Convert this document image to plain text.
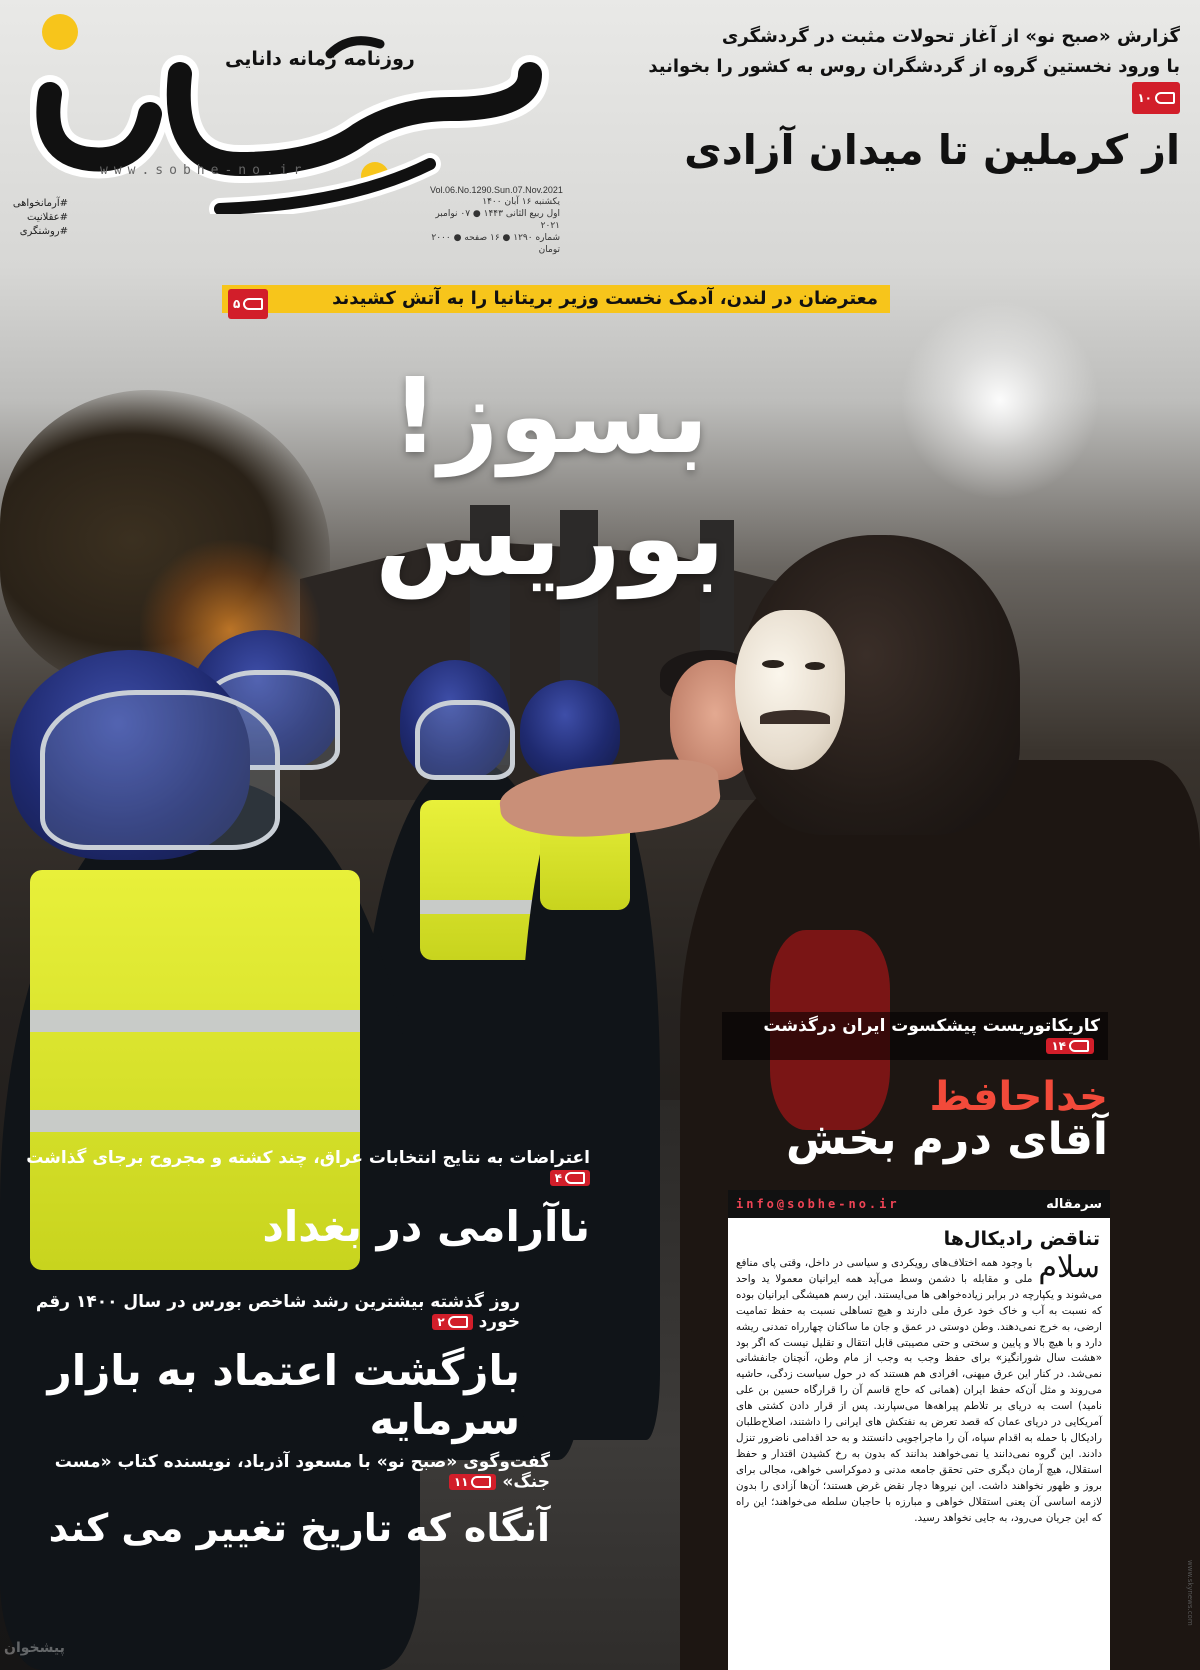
صبح نو
روزنامه زمانه دانایی
www.sobhe-no.ir
#آرمانخواهی
#عقلانیت
#روشنگری
Vol.06.No.1290.Sun.07.Nov.2021
یکشنبه ۱۶ آبان ۱۴۰۰
اول ربیع الثانی ۱۴۴۳ ● ۰۷ نوامبر ۲۰۲۱
شماره ۱۲۹۰ ● ۱۶ صفحه ● ۲۰۰۰ تومان
گزارش «صبح نو» از آغاز تحولات مثبت در گردشگری
با ورود نخستین گروه از گردشگران روس به کشور را بخوانید
۱۰
از کرملین تا میدان آزادی
معترضان در لندن، آدمک نخست وزیر بریتانیا را به آتش کشیدند
۵
بسوز! بوریس
کاریکاتوریست پیشکسوت ایران درگذشت
۱۴
خداحافظ
آقای درم بخش
سرمقاله
info@sobhe-no.ir
تناقض رادیکال‌ها
سلام
با وجود همه اختلاف‌های رویکردی و سیاسی در داخل، وقتی پای منافع ملی و مقابله با دشمن وسط می‌آید همه ایرانیان معمولا ید واحد می‌شوند و یکپارچه در برابر زیاده‌خواهی ها می‌ایستند. این رسم همیشگی ایرانیان بوده که نسبت به آب و خاک خود عرق ملی دارند و هیچ تساهلی نسبت به حفظ تمامیت ارضی، به خرج نمی‌دهند. وطن دوستی در عمق و جان ما ساکنان چهارراه تمدنی ریشه دارد و با هیچ بالا و پایین و سختی و حتی مصیبتی قابل انتقال و تقلیل نیست که اگر بود «هشت سال شورانگیز» برای حفظ وجب به وجب از مام وطن، آنچنان جانفشانی نمی‌شد. در کنار این عرق میهنی، افرادی هم هستند که در حول سیاست زدگی، حاشیه می‌روند و مثل آن‌که حفظ ایران (همانی که حاج قاسم آن را قرارگاه حسین بن علی نامید) است به دریای بر تلاطم پیراهه‌ها می‌سپارند. پس از قرار دادن کشتی های آمریکایی در دریای عمان که قصد تعرض به نفتکش های ایرانی را داشتند، اصلاح‌طلبان رادیکال با حمله به اقدام سپاه، آن را ماجراجویی دانستند و به حد اقدامی ناضرور تنزل دادند. این گروه نمی‌دانند یا نمی‌خواهند بدانند که بدون به رخ کشیدن اقتدار و حفظ استقلال، هیچ آرمان دیگری حتی تحقق جامعه مدنی و دموکراسی خواهی، مجالی برای بروز و ظهور نخواهند داشت. این نیروها دچار نقض غرض هستند؛ آن‌ها آزادی را بدون لازمه اساسی آن یعنی استقلال خواهی و مبارزه با حاجبان سلطه می‌خواهند؛ این راه که این جریان می‌رود، به جایی نخواهد رسید.
اعتراضات به نتایج انتخابات عراق، چند کشته و مجروح برجای گذاشت
۴
ناآرامی در بغداد
روز گذشته بیشترین رشد شاخص بورس در سال ۱۴۰۰ رقم خورد
۲
بازگشت اعتماد به بازار سرمایه
گفت‌وگوی «صبح نو» با مسعود آذرباد، نویسنده کتاب «مست جنگ»
۱۱
آنگاه که تاریخ تغییر می کند
پیشخوان
www.skynews.com
